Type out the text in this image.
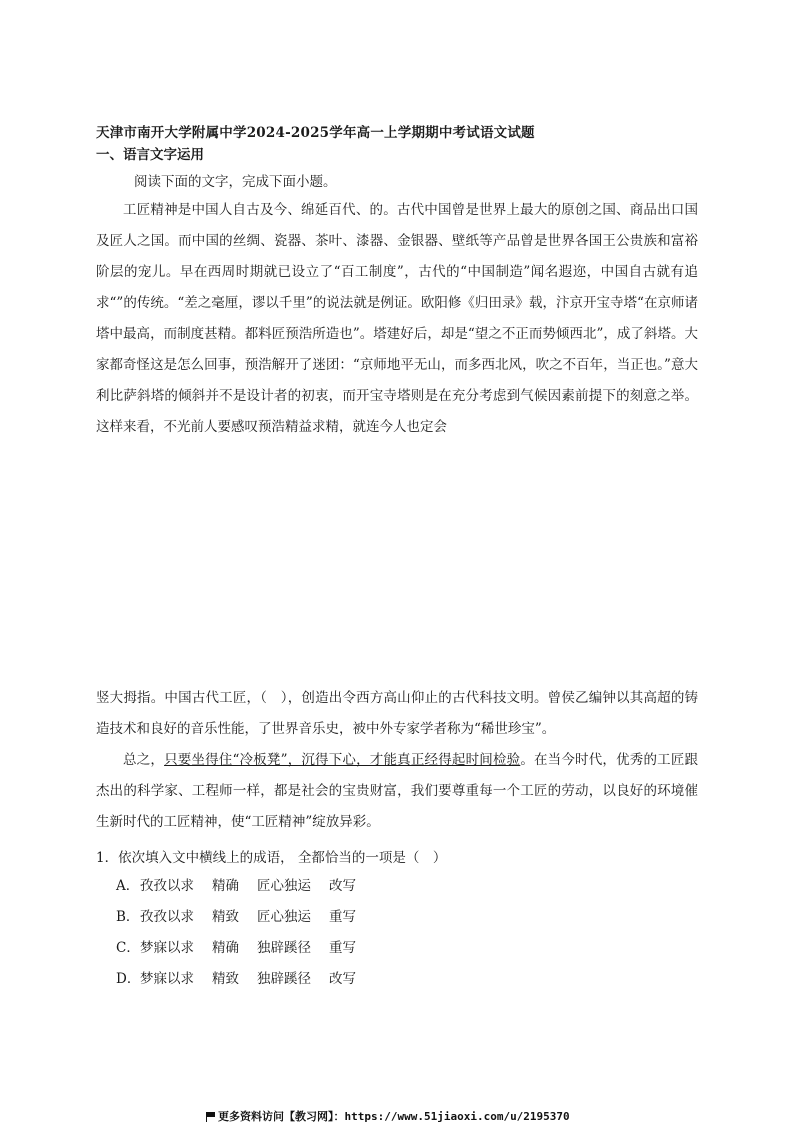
天津市南开大学附属中学2024-2025学年高一上学期期中考试语文试题
一、语言文字运用
阅读下面的文字，完成下面小题。

工匠精神是中国人自古及今、绵延百代、的。古代中国曾是世界上最大的原创之国、商品出口国及匠人之国。而中国的丝绸、瓷器、茶叶、漆器、金银器、壁纸等产品曾是世界各国王公贵族和富裕阶层的宠儿。早在西周时期就已设立了“百工制度”，古代的“中国制造”闻名遐迩，中国自古就有追求“”的传统。“差之毫厘，谬以千里”的说法就是例证。欧阳修《归田录》载，汴京开宝寺塔“在京师诸塔中最高，而制度甚精。都料匠预浩所造也”。塔建好后，却是“望之不正而势倾西北”，成了斜塔。大家都奇怪这是怎么回事，预浩解开了迷团：“京师地平无山，而多西北风，吹之不百年，当正也。”意大利比萨斜塔的倾斜并不是设计者的初衷，而开宝寺塔则是在充分考虑到气候因素前提下的刻意之举。这样来看，不光前人要感叹预浩精益求精，就连今人也定会

竖大拇指。中国古代工匠，（　），创造出令西方高山仰止的古代科技文明。曾侯乙编钟以其高超的铸造技术和良好的音乐性能，了世界音乐史，被中外专家学者称为“稀世珍宝”。

总之，只要坐得住“冷板凳”，沉得下心，才能真正经得起时间检验。在当今时代，优秀的工匠跟杰出的科学家、工程师一样，都是社会的宝贵财富，我们要尊重每一个工匠的劳动，以良好的环境催生新时代的工匠精神，使“工匠精神”绽放异彩。

1．依次填入文中横线上的成语， 全都恰当的一项是（　）
A． 孜孜以求 精确 匠心独运 改写
B． 孜孜以求 精致 匠心独运 重写
C． 梦寐以求 精确 独辟蹊径 重写
D． 梦寐以求 精致 独辟蹊径 改写
更多资料访问【教习网】：https://www.51jiaoxi.com/u/2195370
